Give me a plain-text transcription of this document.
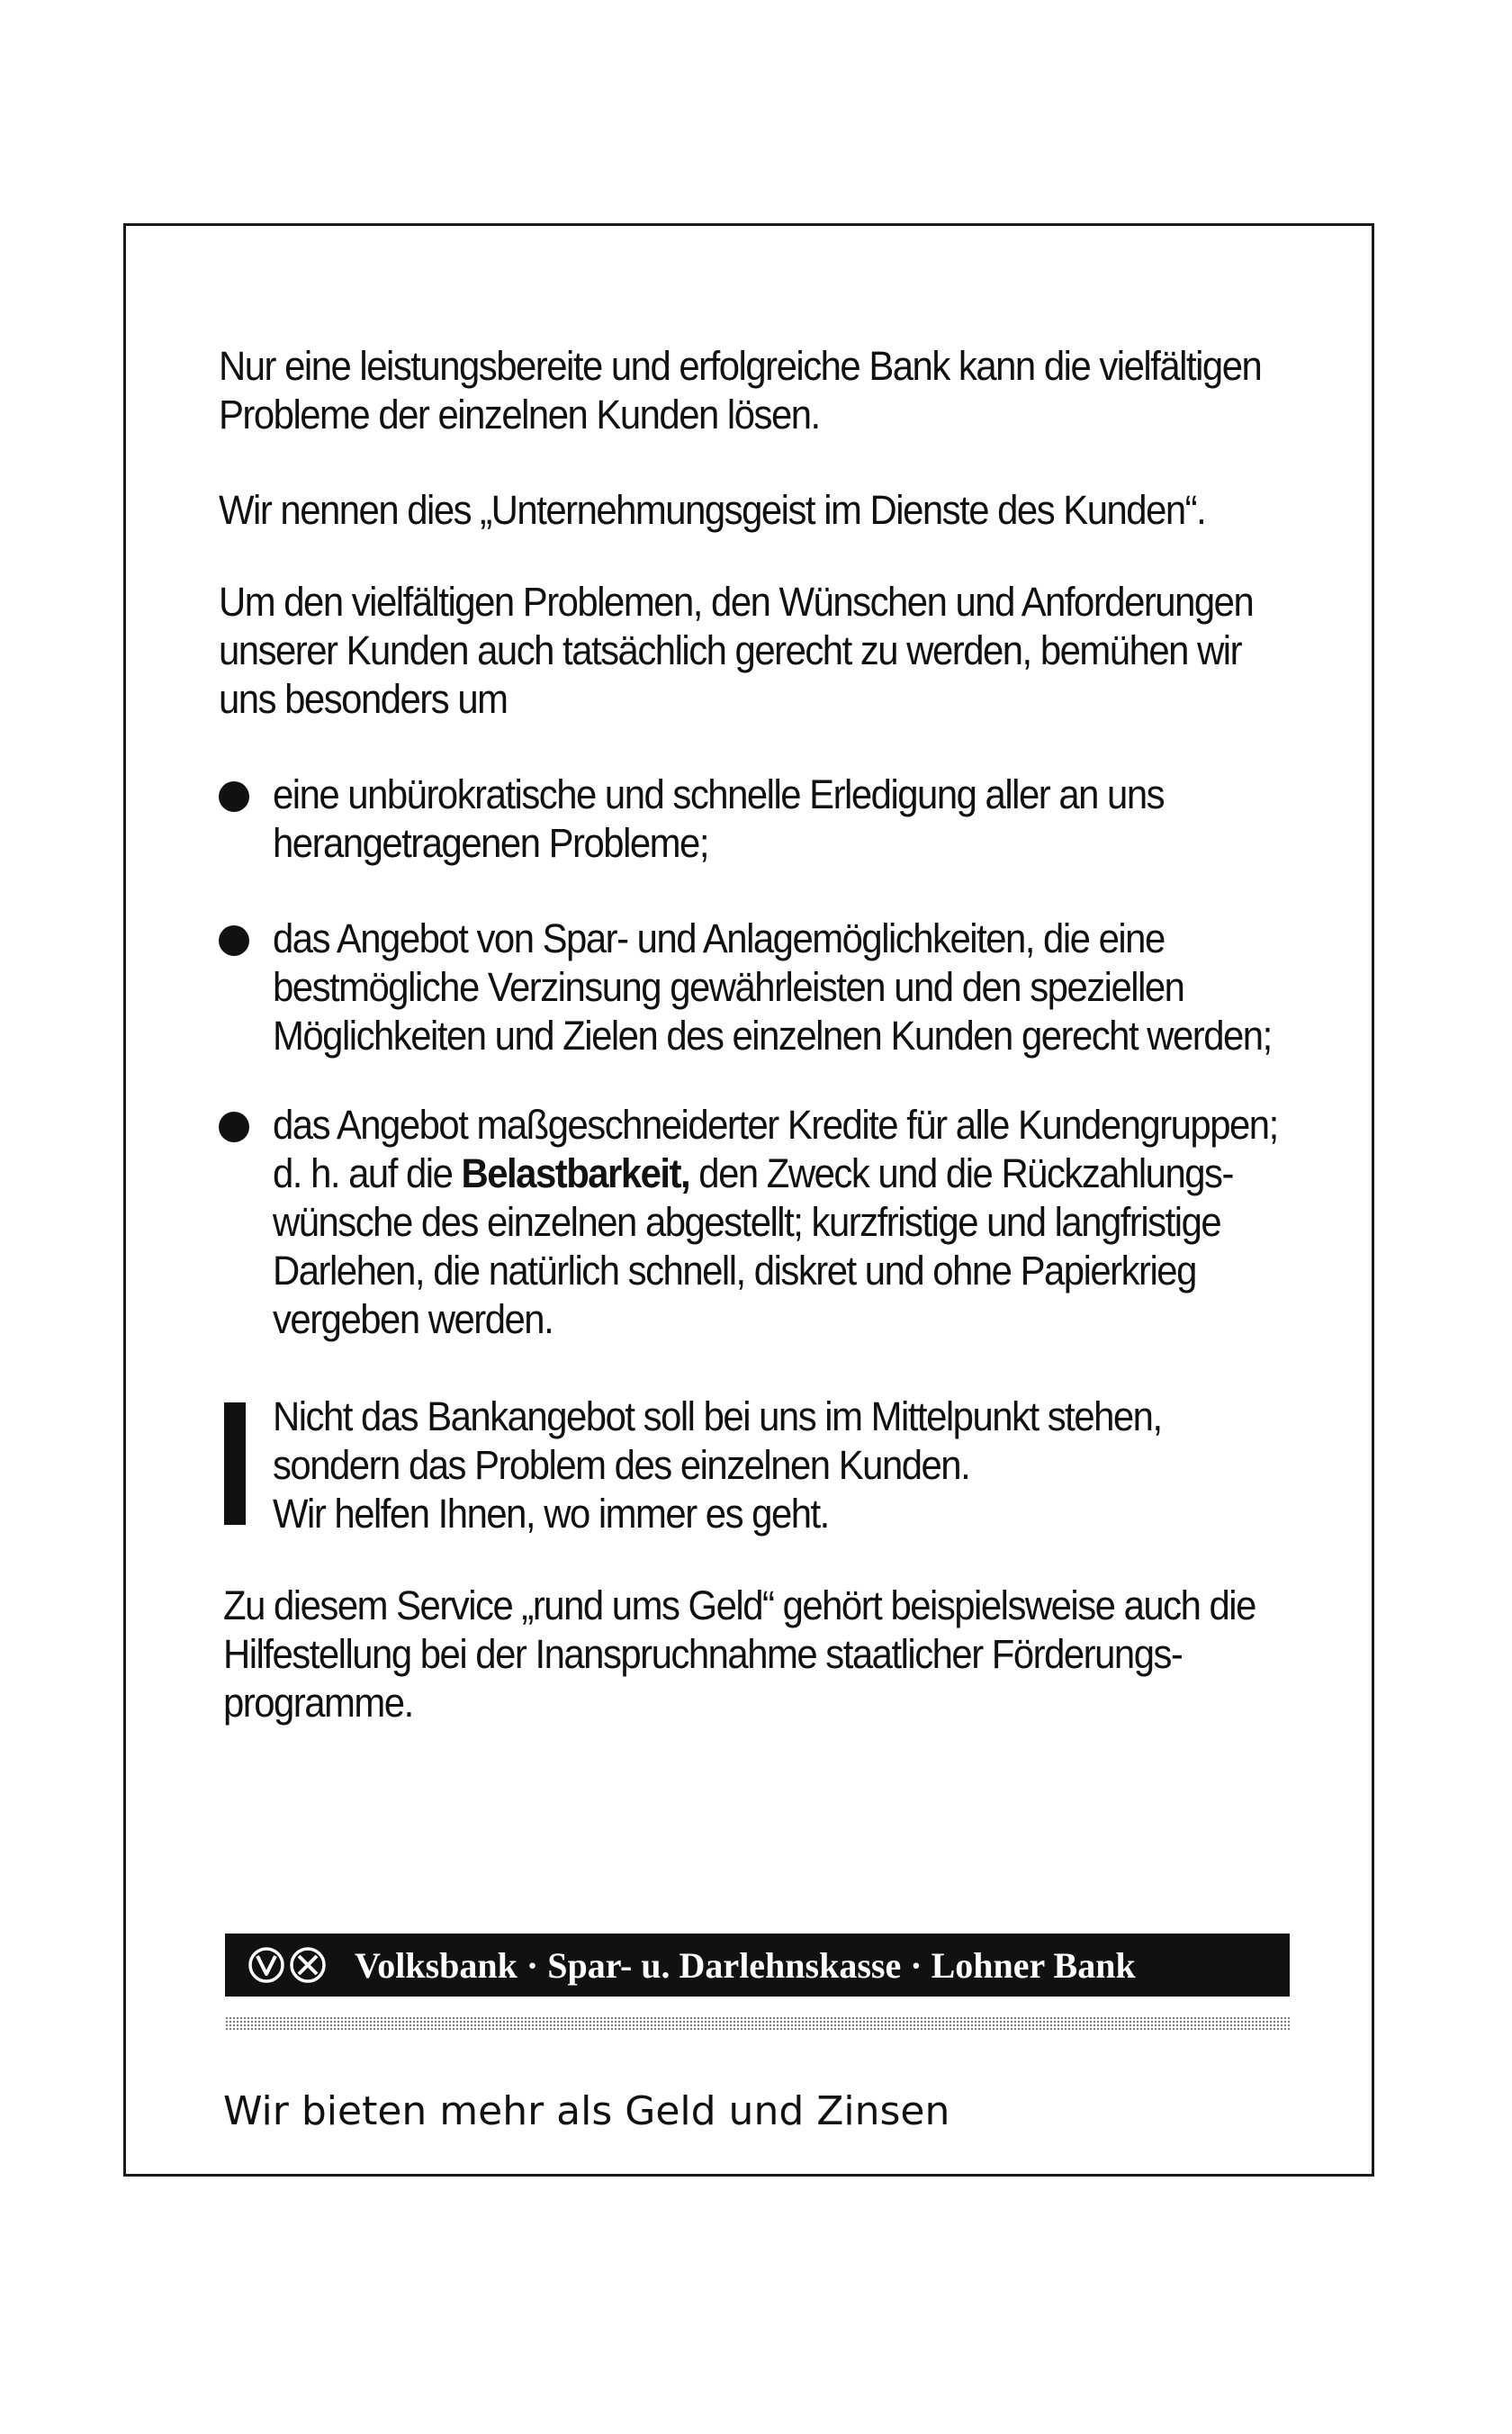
Nur eine leistungsbereite und erfolgreiche Bank kann die vielfältigen

Probleme der einzelnen Kunden lösen.

Wir nennen dies „Unternehmungsgeist im Dienste des Kunden“.

Um den vielfältigen Problemen, den Wünschen und Anforderungen

unserer Kunden auch tatsächlich gerecht zu werden, bemühen wir

uns besonders um

eine unbürokratische und schnelle Erledigung aller an uns

herangetragenen Probleme;

das Angebot von Spar- und Anlagemöglichkeiten, die eine

bestmögliche Verzinsung gewährleisten und den speziellen

Möglichkeiten und Zielen des einzelnen Kunden gerecht werden;

das Angebot maßgeschneiderter Kredite für alle Kundengruppen;

d. h. auf die Belastbarkeit, den Zweck und die Rückzahlungs-

wünsche des einzelnen abgestellt; kurzfristige und langfristige

Darlehen, die natürlich schnell, diskret und ohne Papierkrieg

vergeben werden.

Nicht das Bankangebot soll bei uns im Mittelpunkt stehen,

sondern das Problem des einzelnen Kunden.

Wir helfen Ihnen, wo immer es geht.

Zu diesem Service „rund ums Geld“ gehört beispielsweise auch die

Hilfestellung bei der Inanspruchnahme staatlicher Förderungs-

programme.

Volksbank · Spar- u. Darlehnskasse · Lohner Bank
Wir bieten mehr als Geld und Zinsen
